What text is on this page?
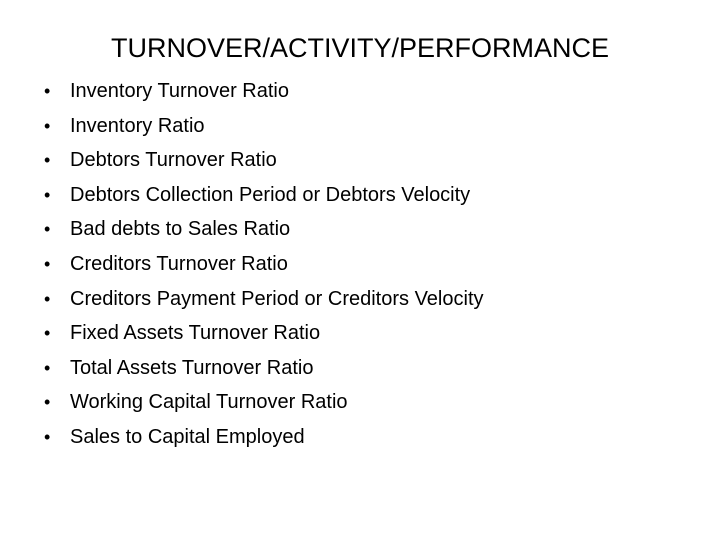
TURNOVER/ACTIVITY/PERFORMANCE
• Inventory Turnover Ratio
• Inventory Ratio
• Debtors Turnover Ratio
• Debtors Collection Period or Debtors Velocity
• Bad debts to Sales Ratio
• Creditors Turnover Ratio
• Creditors Payment Period or Creditors Velocity
• Fixed Assets Turnover Ratio
• Total Assets Turnover Ratio
• Working Capital Turnover Ratio
• Sales to Capital Employed
